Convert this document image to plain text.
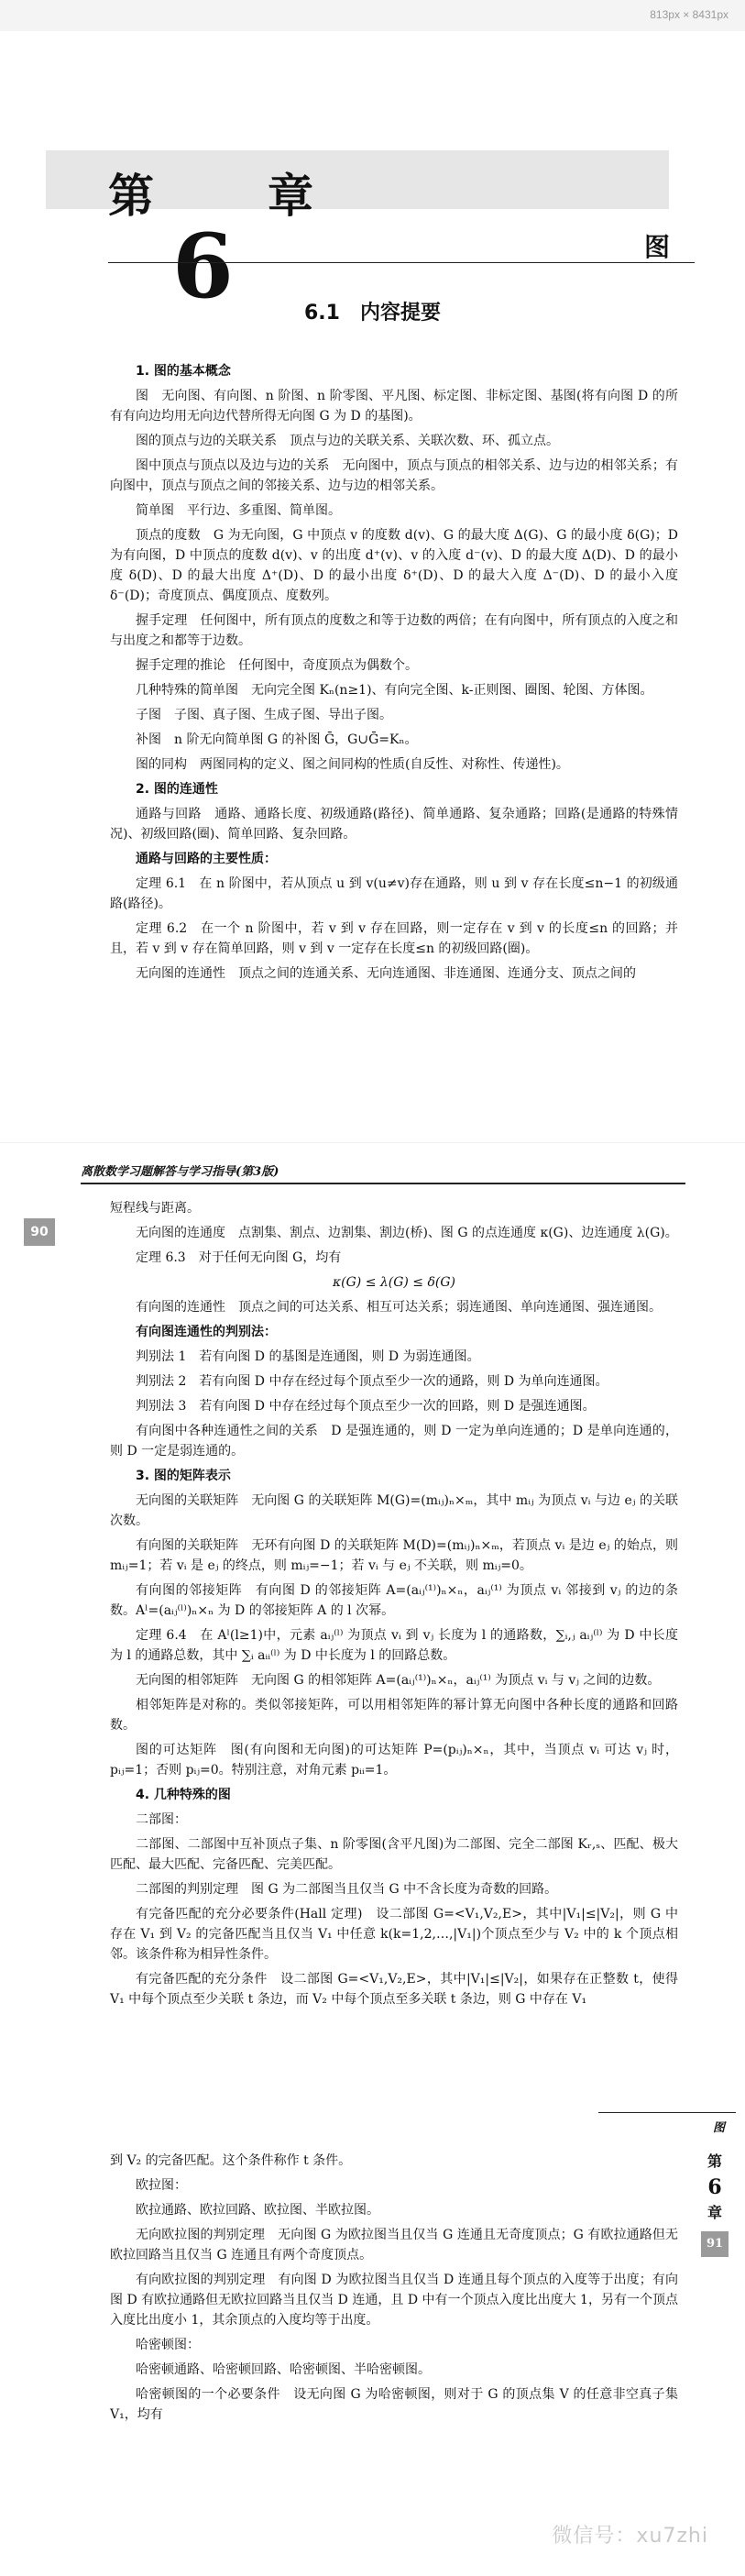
813px × 8431px
第 章
6	图
6.1　内容提要

1. 图的基本概念

图　无向图、有向图、n 阶图、n 阶零图、平凡图、标定图、非标定图、基图(将有向图 D 的所有有向边均用无向边代替所得无向图 G 为 D 的基图)。

图的顶点与边的关联关系　顶点与边的关联关系、关联次数、环、孤立点。

图中顶点与顶点以及边与边的关系　无向图中，顶点与顶点的相邻关系、边与边的相邻关系；有向图中，顶点与顶点之间的邻接关系、边与边的相邻关系。

简单图　平行边、多重图、简单图。

顶点的度数　G 为无向图，G 中顶点 v 的度数 d(v)、G 的最大度 Δ(G)、G 的最小度 δ(G)；D 为有向图，D 中顶点的度数 d(v)、v 的出度 d⁺(v)、v 的入度 d⁻(v)、D 的最大度 Δ(D)、D 的最小度 δ(D)、D 的最大出度 Δ⁺(D)、D 的最小出度 δ⁺(D)、D 的最大入度 Δ⁻(D)、D 的最小入度 δ⁻(D)；奇度顶点、偶度顶点、度数列。

握手定理　任何图中，所有顶点的度数之和等于边数的两倍；在有向图中，所有顶点的入度之和与出度之和都等于边数。

握手定理的推论　任何图中，奇度顶点为偶数个。

几种特殊的简单图　无向完全图 Kₙ(n≥1)、有向完全图、k-正则图、圈图、轮图、方体图。

子图　子图、真子图、生成子图、导出子图。

补图　n 阶无向简单图 G 的补图 Ḡ，G∪Ḡ=Kₙ。

图的同构　两图同构的定义、图之间同构的性质(自反性、对称性、传递性)。

2. 图的连通性

通路与回路　通路、通路长度、初级通路(路径)、简单通路、复杂通路；回路(是通路的特殊情况)、初级回路(圈)、简单回路、复杂回路。

通路与回路的主要性质：

定理 6.1　在 n 阶图中，若从顶点 u 到 v(u≠v)存在通路，则 u 到 v 存在长度≤n−1 的初级通路(路径)。

定理 6.2　在一个 n 阶图中，若 v 到 v 存在回路，则一定存在 v 到 v 的长度≤n 的回路；并且，若 v 到 v 存在简单回路，则 v 到 v 一定存在长度≤n 的初级回路(圈)。

无向图的连通性　顶点之间的连通关系、无向连通图、非连通图、连通分支、顶点之间的

离散数学习题解答与学习指导(第3版)
90

短程线与距离。

无向图的连通度　点割集、割点、边割集、割边(桥)、图 G 的点连通度 κ(G)、边连通度 λ(G)。

定理 6.3　对于任何无向图 G，均有

κ(G) ≤ λ(G) ≤ δ(G)

有向图的连通性　顶点之间的可达关系、相互可达关系；弱连通图、单向连通图、强连通图。

有向图连通性的判别法：

判别法 1　若有向图 D 的基图是连通图，则 D 为弱连通图。

判别法 2　若有向图 D 中存在经过每个顶点至少一次的通路，则 D 为单向连通图。

判别法 3　若有向图 D 中存在经过每个顶点至少一次的回路，则 D 是强连通图。

有向图中各种连通性之间的关系　D 是强连通的，则 D 一定为单向连通的；D 是单向连通的，则 D 一定是弱连通的。

3. 图的矩阵表示

无向图的关联矩阵　无向图 G 的关联矩阵 M(G)=(mᵢⱼ)ₙ×ₘ，其中 mᵢⱼ 为顶点 vᵢ 与边 eⱼ 的关联次数。

有向图的关联矩阵　无环有向图 D 的关联矩阵 M(D)=(mᵢⱼ)ₙ×ₘ，若顶点 vᵢ 是边 eⱼ 的始点，则 mᵢⱼ=1；若 vᵢ 是 eⱼ 的终点，则 mᵢⱼ=−1；若 vᵢ 与 eⱼ 不关联，则 mᵢⱼ=0。

有向图的邻接矩阵　有向图 D 的邻接矩阵 A=(aᵢⱼ⁽¹⁾)ₙ×ₙ，aᵢⱼ⁽¹⁾ 为顶点 vᵢ 邻接到 vⱼ 的边的条数。Aˡ=(aᵢⱼ⁽ˡ⁾)ₙ×ₙ 为 D 的邻接矩阵 A 的 l 次幂。

定理 6.4　在 Aˡ(l≥1)中，元素 aᵢⱼ⁽ˡ⁾ 为顶点 vᵢ 到 vⱼ 长度为 l 的通路数，∑ᵢ,ⱼ aᵢⱼ⁽ˡ⁾ 为 D 中长度为 l 的通路总数，其中 ∑ᵢ aᵢᵢ⁽ˡ⁾ 为 D 中长度为 l 的回路总数。

无向图的相邻矩阵　无向图 G 的相邻矩阵 A=(aᵢⱼ⁽¹⁾)ₙ×ₙ，aᵢⱼ⁽¹⁾ 为顶点 vᵢ 与 vⱼ 之间的边数。

相邻矩阵是对称的。类似邻接矩阵，可以用相邻矩阵的幂计算无向图中各种长度的通路和回路数。

图的可达矩阵　图(有向图和无向图)的可达矩阵 P=(pᵢⱼ)ₙ×ₙ，其中，当顶点 vᵢ 可达 vⱼ 时，pᵢⱼ=1；否则 pᵢⱼ=0。特别注意，对角元素 pᵢᵢ=1。

4. 几种特殊的图

二部图：

二部图、二部图中互补顶点子集、n 阶零图(含平凡图)为二部图、完全二部图 Kᵣ,ₛ、匹配、极大匹配、最大匹配、完备匹配、完美匹配。

二部图的判别定理　图 G 为二部图当且仅当 G 中不含长度为奇数的回路。

有完备匹配的充分必要条件(Hall 定理)　设二部图 G=<V₁,V₂,E>，其中|V₁|≤|V₂|，则 G 中存在 V₁ 到 V₂ 的完备匹配当且仅当 V₁ 中任意 k(k=1,2,…,|V₁|)个顶点至少与 V₂ 中的 k 个顶点相邻。该条件称为相异性条件。

有完备匹配的充分条件　设二部图 G=<V₁,V₂,E>，其中|V₁|≤|V₂|，如果存在正整数 t，使得 V₁ 中每个顶点至少关联 t 条边，而 V₂ 中每个顶点至多关联 t 条边，则 G 中存在 V₁

图
第
6
章
91

到 V₂ 的完备匹配。这个条件称作 t 条件。

欧拉图：

欧拉通路、欧拉回路、欧拉图、半欧拉图。

无向欧拉图的判别定理　无向图 G 为欧拉图当且仅当 G 连通且无奇度顶点；G 有欧拉通路但无欧拉回路当且仅当 G 连通且有两个奇度顶点。

有向欧拉图的判别定理　有向图 D 为欧拉图当且仅当 D 连通且每个顶点的入度等于出度；有向图 D 有欧拉通路但无欧拉回路当且仅当 D 连通，且 D 中有一个顶点入度比出度大 1，另有一个顶点入度比出度小 1，其余顶点的入度均等于出度。

哈密顿图：

哈密顿通路、哈密顿回路、哈密顿图、半哈密顿图。

哈密顿图的一个必要条件　设无向图 G 为哈密顿图，则对于 G 的顶点集 V 的任意非空真子集 V₁，均有

微信号：xu7zhi
